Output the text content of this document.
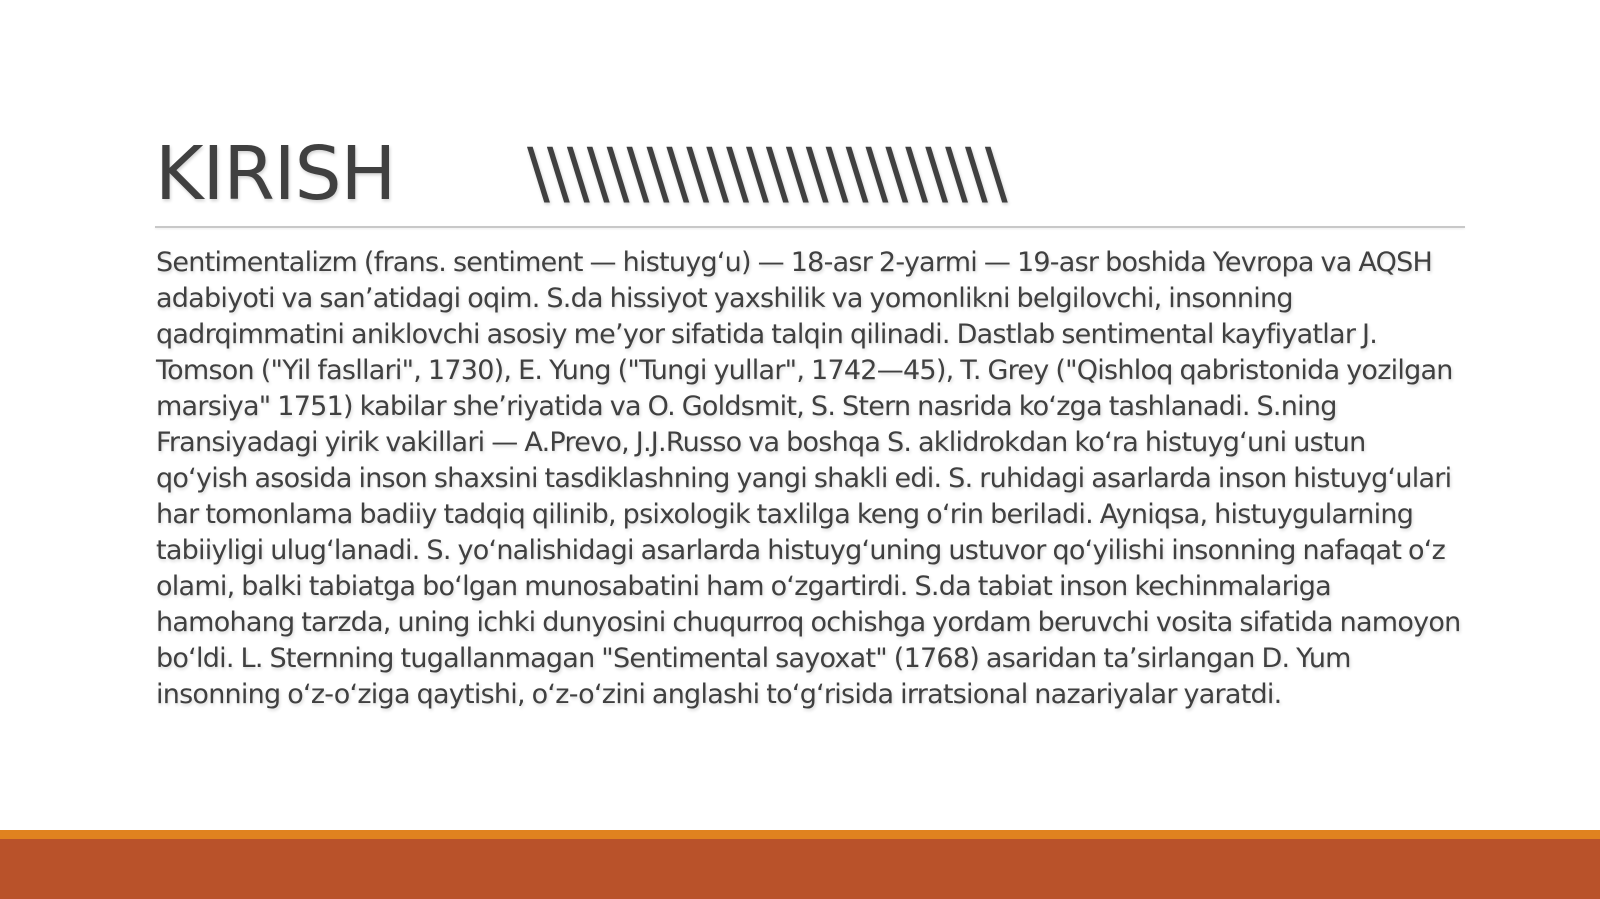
KIRISH \\\\\\\\\\\\\\\\\\\\\\\\

Sentimentalizm (frans. sentiment — histuygʻu) — 18-asr 2-yarmi — 19-asr boshida Yevropa va AQSH adabiyoti va sanʼatidagi oqim. S.da hissiyot yaxshilik va yomonlikni belgilovchi, insonning qadrqimmatini aniklovchi asosiy meʼyor sifatida talqin qilinadi. Dastlab sentimental kayfiyatlar J. Tomson ("Yil fasllari", 1730), E. Yung ("Tungi yullar", 1742—45), T. Grey ("Qishloq qabristonida yozilgan marsiya" 1751) kabilar sheʼriyatida va O. Goldsmit, S. Stern nasrida koʻzga tashlanadi. S.ning Fransiyadagi yirik vakillari — A.Prevo, J.J.Russo va boshqa S. aklidrokdan koʻra histuygʻuni ustun qoʻyish asosida inson shaxsini tasdiklashning yangi shakli edi. S. ruhidagi asarlarda inson histuygʻulari har tomonlama badiiy tadqiq qilinib, psixologik taxlilga keng oʻrin beriladi. Ayniqsa, histuygularning tabiiyligi ulugʻlanadi. S. yoʻnalishidagi asarlarda histuygʻuning ustuvor qoʻyilishi insonning nafaqat oʻz olami, balki tabiatga boʻlgan munosabatini ham oʻzgartirdi. S.da tabiat inson kechinmalariga hamohang tarzda, uning ichki dunyosini chuqurroq ochishga yordam beruvchi vosita sifatida namoyon boʻldi. L. Sternning tugallanmagan "Sentimental sayoxat" (1768) asaridan taʼsirlangan D. Yum insonning oʻz-oʻziga qaytishi, oʻz-oʻzini anglashi toʻgʻrisida irratsional nazariyalar yaratdi.
